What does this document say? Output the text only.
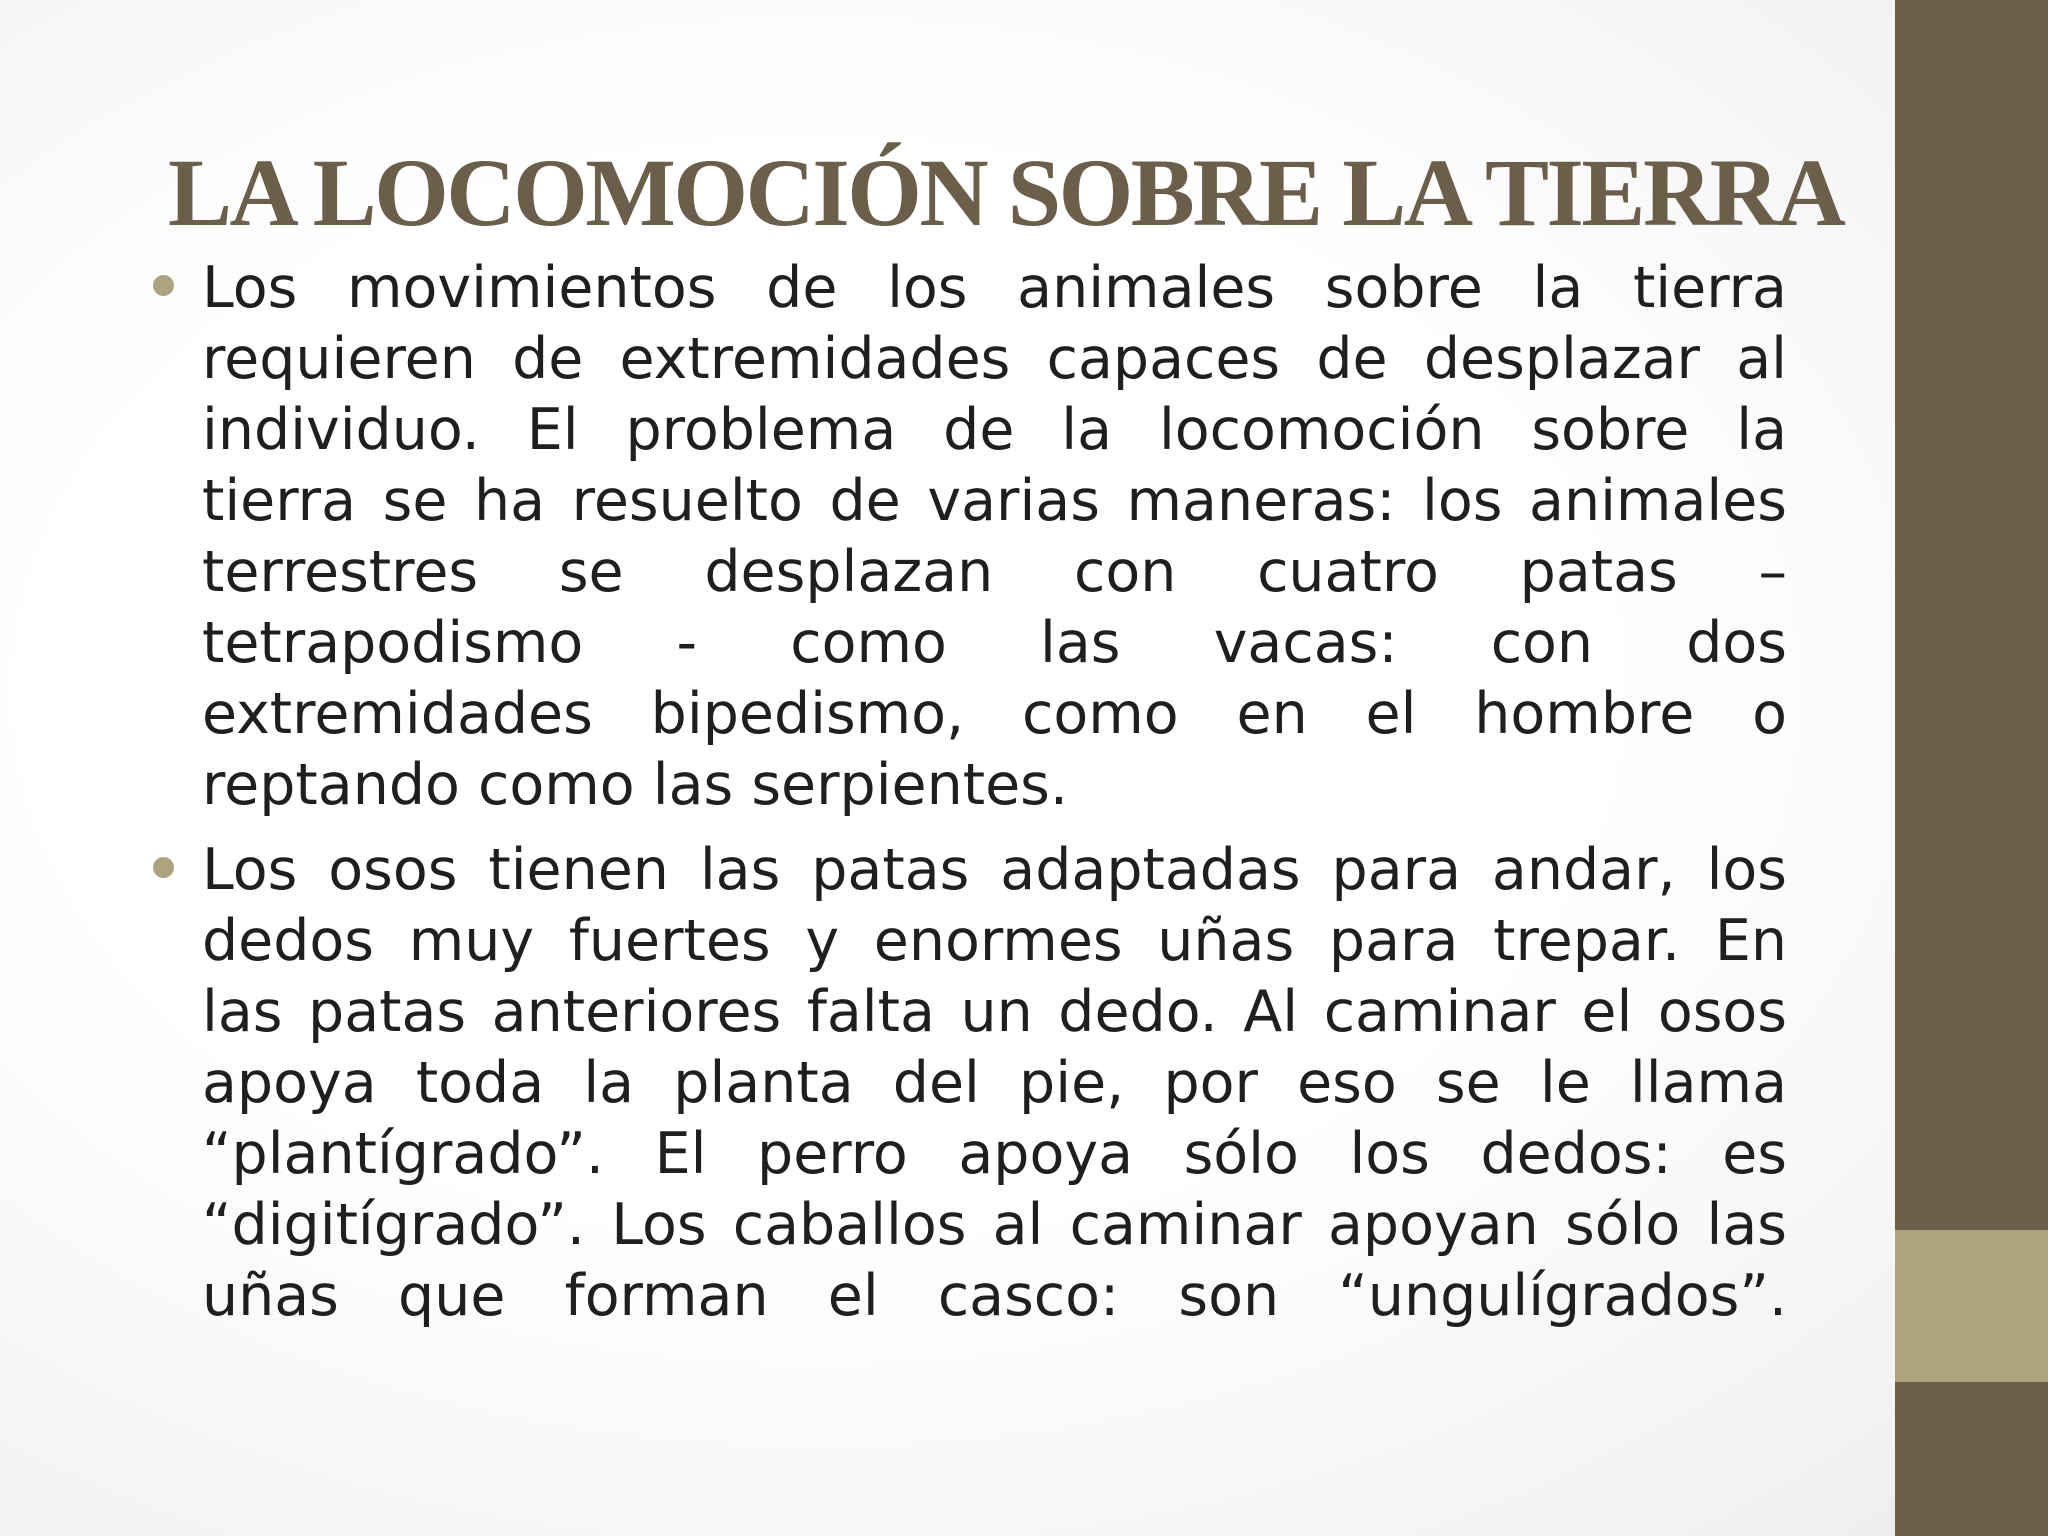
LA LOCOMOCIÓN SOBRE LA TIERRA
Los movimientos de los animales sobre la tierra
requieren de extremidades capaces de desplazar al
individuo. El problema de la locomoción sobre la
tierra se ha resuelto de varias maneras: los animales
terrestres se desplazan con cuatro patas –
tetrapodismo - como las vacas: con dos
extremidades bipedismo, como en el hombre o
reptando como las serpientes.
Los osos tienen las patas adaptadas para andar, los
dedos muy fuertes y enormes uñas para trepar. En
las patas anteriores falta un dedo. Al caminar el osos
apoya toda la planta del pie, por eso se le llama
“plantígrado”. El perro apoya sólo los dedos: es
“digitígrado”. Los caballos al caminar apoyan sólo las
uñas que forman el casco: son “ungulígrados”.
